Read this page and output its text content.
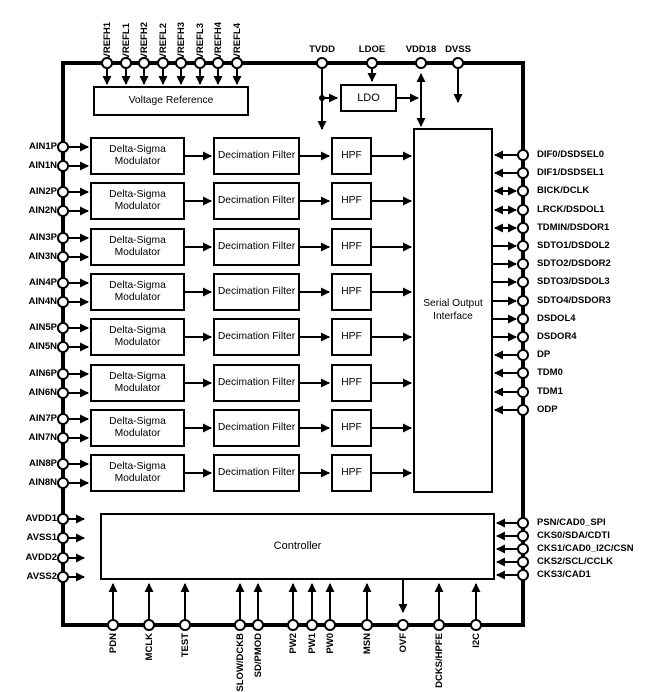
Voltage Reference	LDO
Serial Output Interface
Controller
VREFH1 VREFL1 VREFH2 VREFL2 VREFH3 VREFL3 VREFH4 VREFL4	TVDD	LDOE VDD18 DVSS
Delta-Sigma Modulator
Decimation Filter	HPF
AIN1P
AIN1N
Delta-Sigma Modulator
Decimation Filter	HPF
AIN2P
AIN2N
Delta-Sigma Modulator
Decimation Filter	HPF
AIN3P
AIN3N
Delta-Sigma Modulator
Decimation Filter	HPF
AIN4P
AIN4N
Delta-Sigma Modulator
Decimation Filter	HPF
AIN5P
AIN5N
Delta-Sigma Modulator
Decimation Filter	HPF
AIN6P
AIN6N
Delta-Sigma Modulator
Decimation Filter	HPF
AIN7P
AIN7N
Delta-Sigma Modulator
Decimation Filter	HPF
AIN8P
AIN8N
AVDD1
AVSS1
AVDD2
AVSS2
DIF0/DSDSEL0
DIF1/DSDSEL1
BICK/DCLK
LRCK/DSDOL1
TDMIN/DSDOR1
SDTO1/DSDOL2
SDTO2/DSDOR2
SDTO3/DSDOL3
SDTO4/DSDOR3
DSDOL4
DSDOR4
DP
TDM0
TDM1
ODP
PSN/CAD0_SPI
CKS0/SDA/CDTI
CKS1/CAD0_I2C/CSN
CKS2/SCL/CCLK
CKS3/CAD1
PDN	MCLK	TEST	SLOW/DCKB SD/PMOD	PW2 PW1 PW0	MSN	OVF	DCKS/HPFE	I2C
